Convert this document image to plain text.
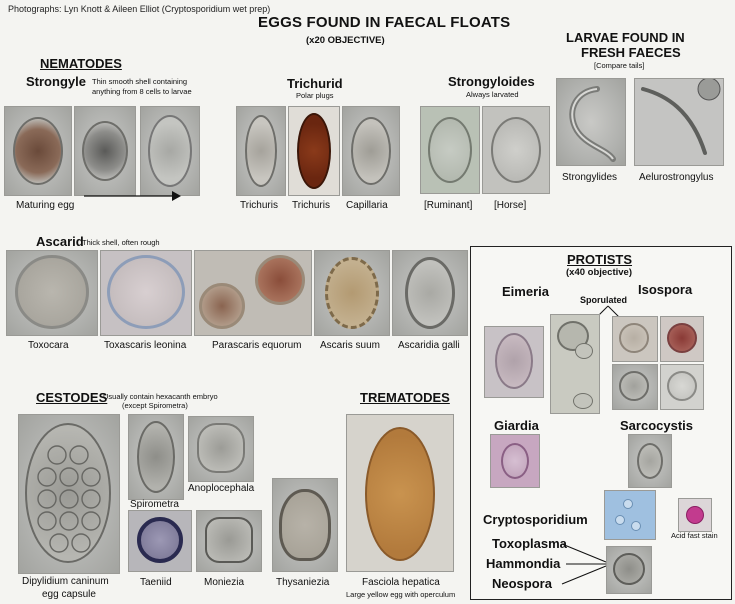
Photographs: Lyn Knott & Aileen Elliot (Cryptosporidium wet prep)
EGGS FOUND IN FAECAL FLOATS
(x20 OBJECTIVE)	LARVAE FOUND IN
FRESH FAECES
[Compare tails]
Strongylides Aelurostrongylus
NEMATODES
Strongyle Thin smooth shell containing
anything from 8 cells to larvae
Maturing egg
Trichurid
Polar plugs
Trichuris Trichuris Capillaria
Strongyloides
Always larvated
[Ruminant] [Horse]
Ascarid
Thick shell, often rough
Toxocara	Toxascaris leonina	Parascaris equorum Ascaris suum Ascaridia galli
CESTODES
Usually contain hexacanth embryo
(except Spirometra)
Dipylidium caninum
egg capsule
Spirometra
Anoplocephala
Taeniid	Moniezia	Thysaniezia
TREMATODES
Fasciola hepatica
Large yellow egg with operculum
PROTISTS
(x40 objective)
Eimeria	Isospora
Sporulated
Giardia	Sarcocystis
Cryptosporidium
Acid fast stain
Toxoplasma
Hammondia
Neospora
